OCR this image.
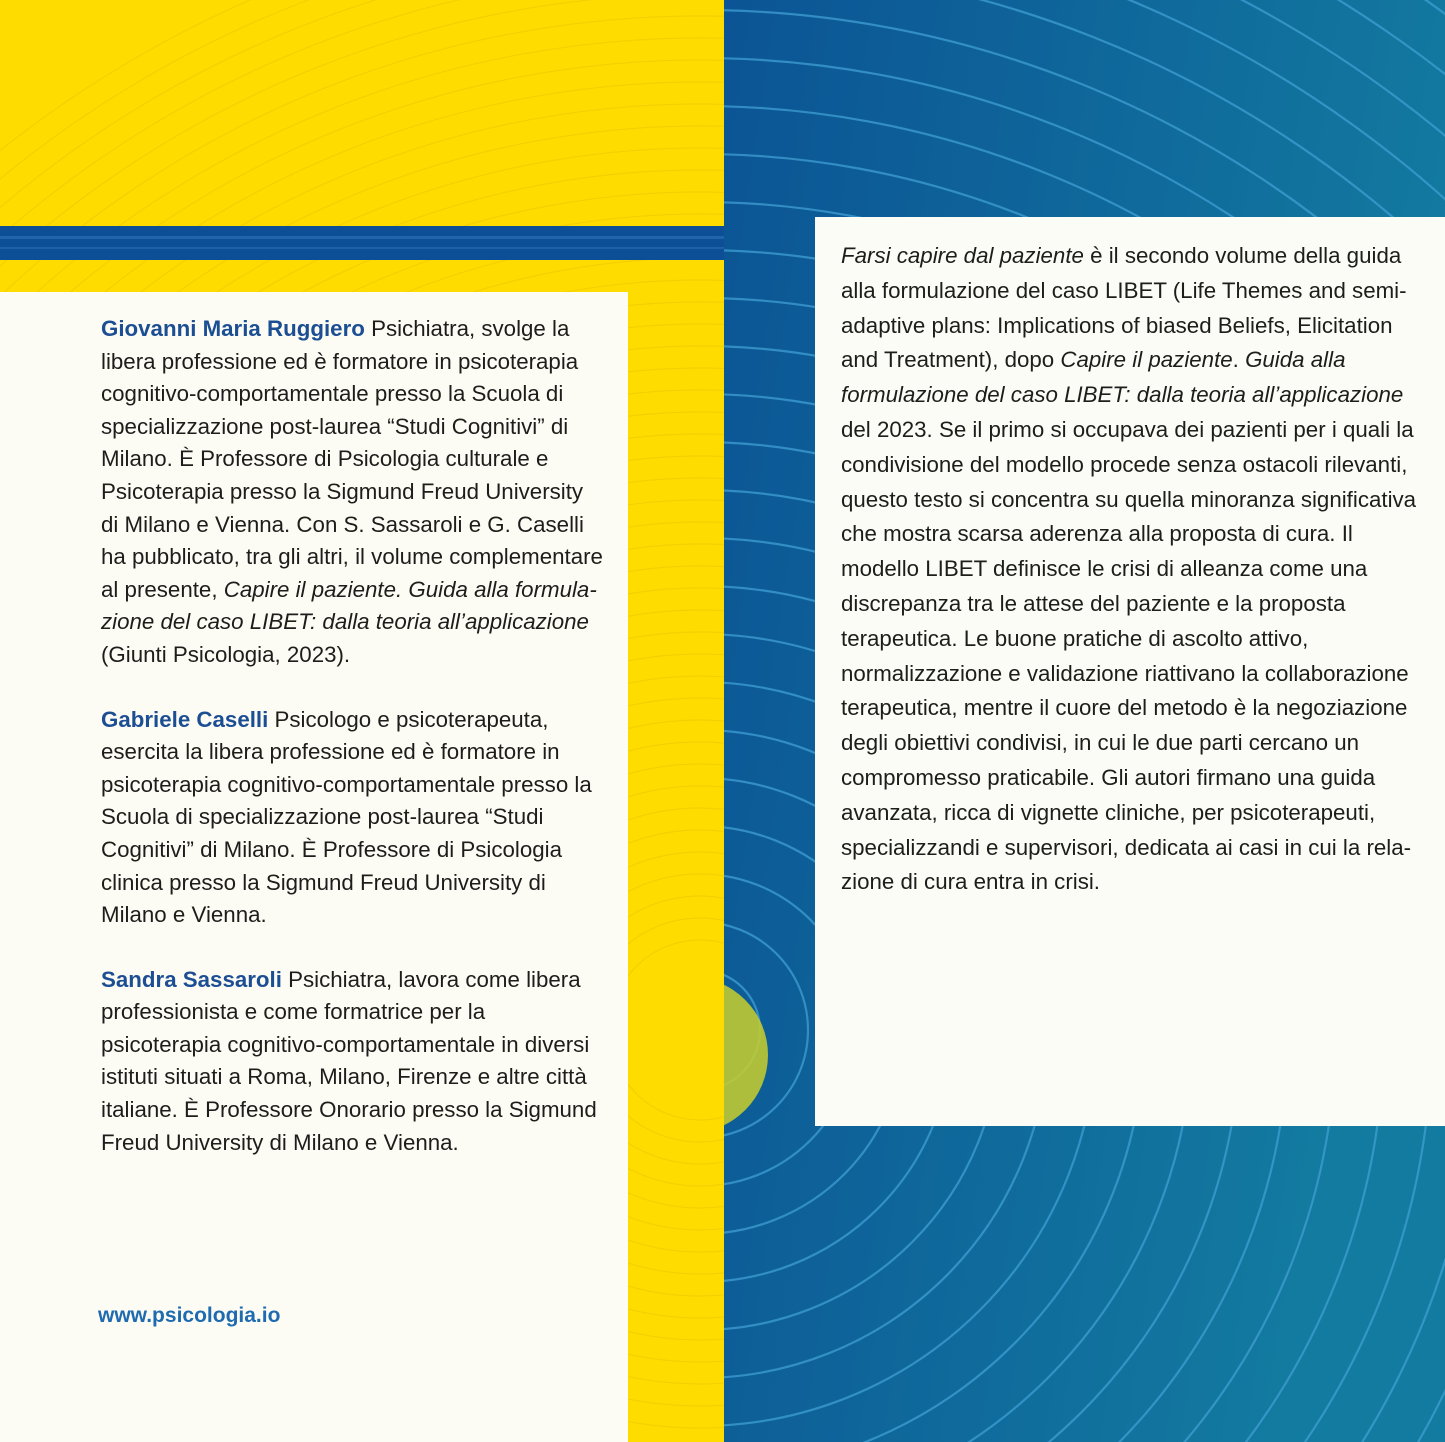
Giovanni Maria Ruggiero Psichiatra, svolge la libera professione ed è formatore in psicoterapia cognitivo-comportamentale presso la Scuola di specializzazione post-laurea “Studi Cognitivi” di Milano. È Professore di Psicologia culturale e Psicoterapia presso la Sigmund Freud University di Milano e Vienna. Con S. Sassaroli e G. Caselli ha pubblicato, tra gli altri, il volume complementare al presente, Capire il paziente. Guida alla formulazione del caso LIBET: dalla teoria all’applicazione (Giunti Psicologia, 2023).

Gabriele Caselli Psicologo e psicoterapeuta, esercita la libera professione ed è formatore in psicoterapia cognitivo-comportamentale presso la Scuola di specializzazione post-laurea “Studi Cognitivi” di Milano. È Professore di Psicologia clinica presso la Sigmund Freud University di Milano e Vienna.

Sandra Sassaroli Psichiatra, lavora come libera professionista e come formatrice per la psicoterapia cognitivo-comportamentale in diversi istituti situati a Roma, Milano, Firenze e altre città italiane. È Professore Onorario presso la Sigmund Freud University di Milano e Vienna.

www.psicologia.io

Farsi capire dal paziente è il secondo volume della guida alla formulazione del caso LIBET (Life Themes and semi-adaptive plans: Implications of biased Beliefs, Elicitation and Treatment), dopo Capire il paziente. Guida alla formulazione del caso LIBET: dalla teoria all’applicazione del 2023. Se il primo si occupava dei pazienti per i quali la condivisione del modello procede senza ostacoli rilevanti, questo testo si concentra su quella minoranza significativa che mostra scarsa aderenza alla proposta di cura. Il modello LIBET definisce le crisi di alleanza come una discrepanza tra le attese del paziente e la proposta terapeutica. Le buone pratiche di ascolto attivo, normalizzazione e validazione riattivano la collaborazione terapeutica, mentre il cuore del metodo è la negoziazione degli obiettivi condivisi, in cui le due parti cercano un compromesso praticabile. Gli autori firmano una guida avanzata, ricca di vignette cliniche, per psicoterapeuti, specializzandi e supervisori, dedicata ai casi in cui la relazione di cura entra in crisi.
